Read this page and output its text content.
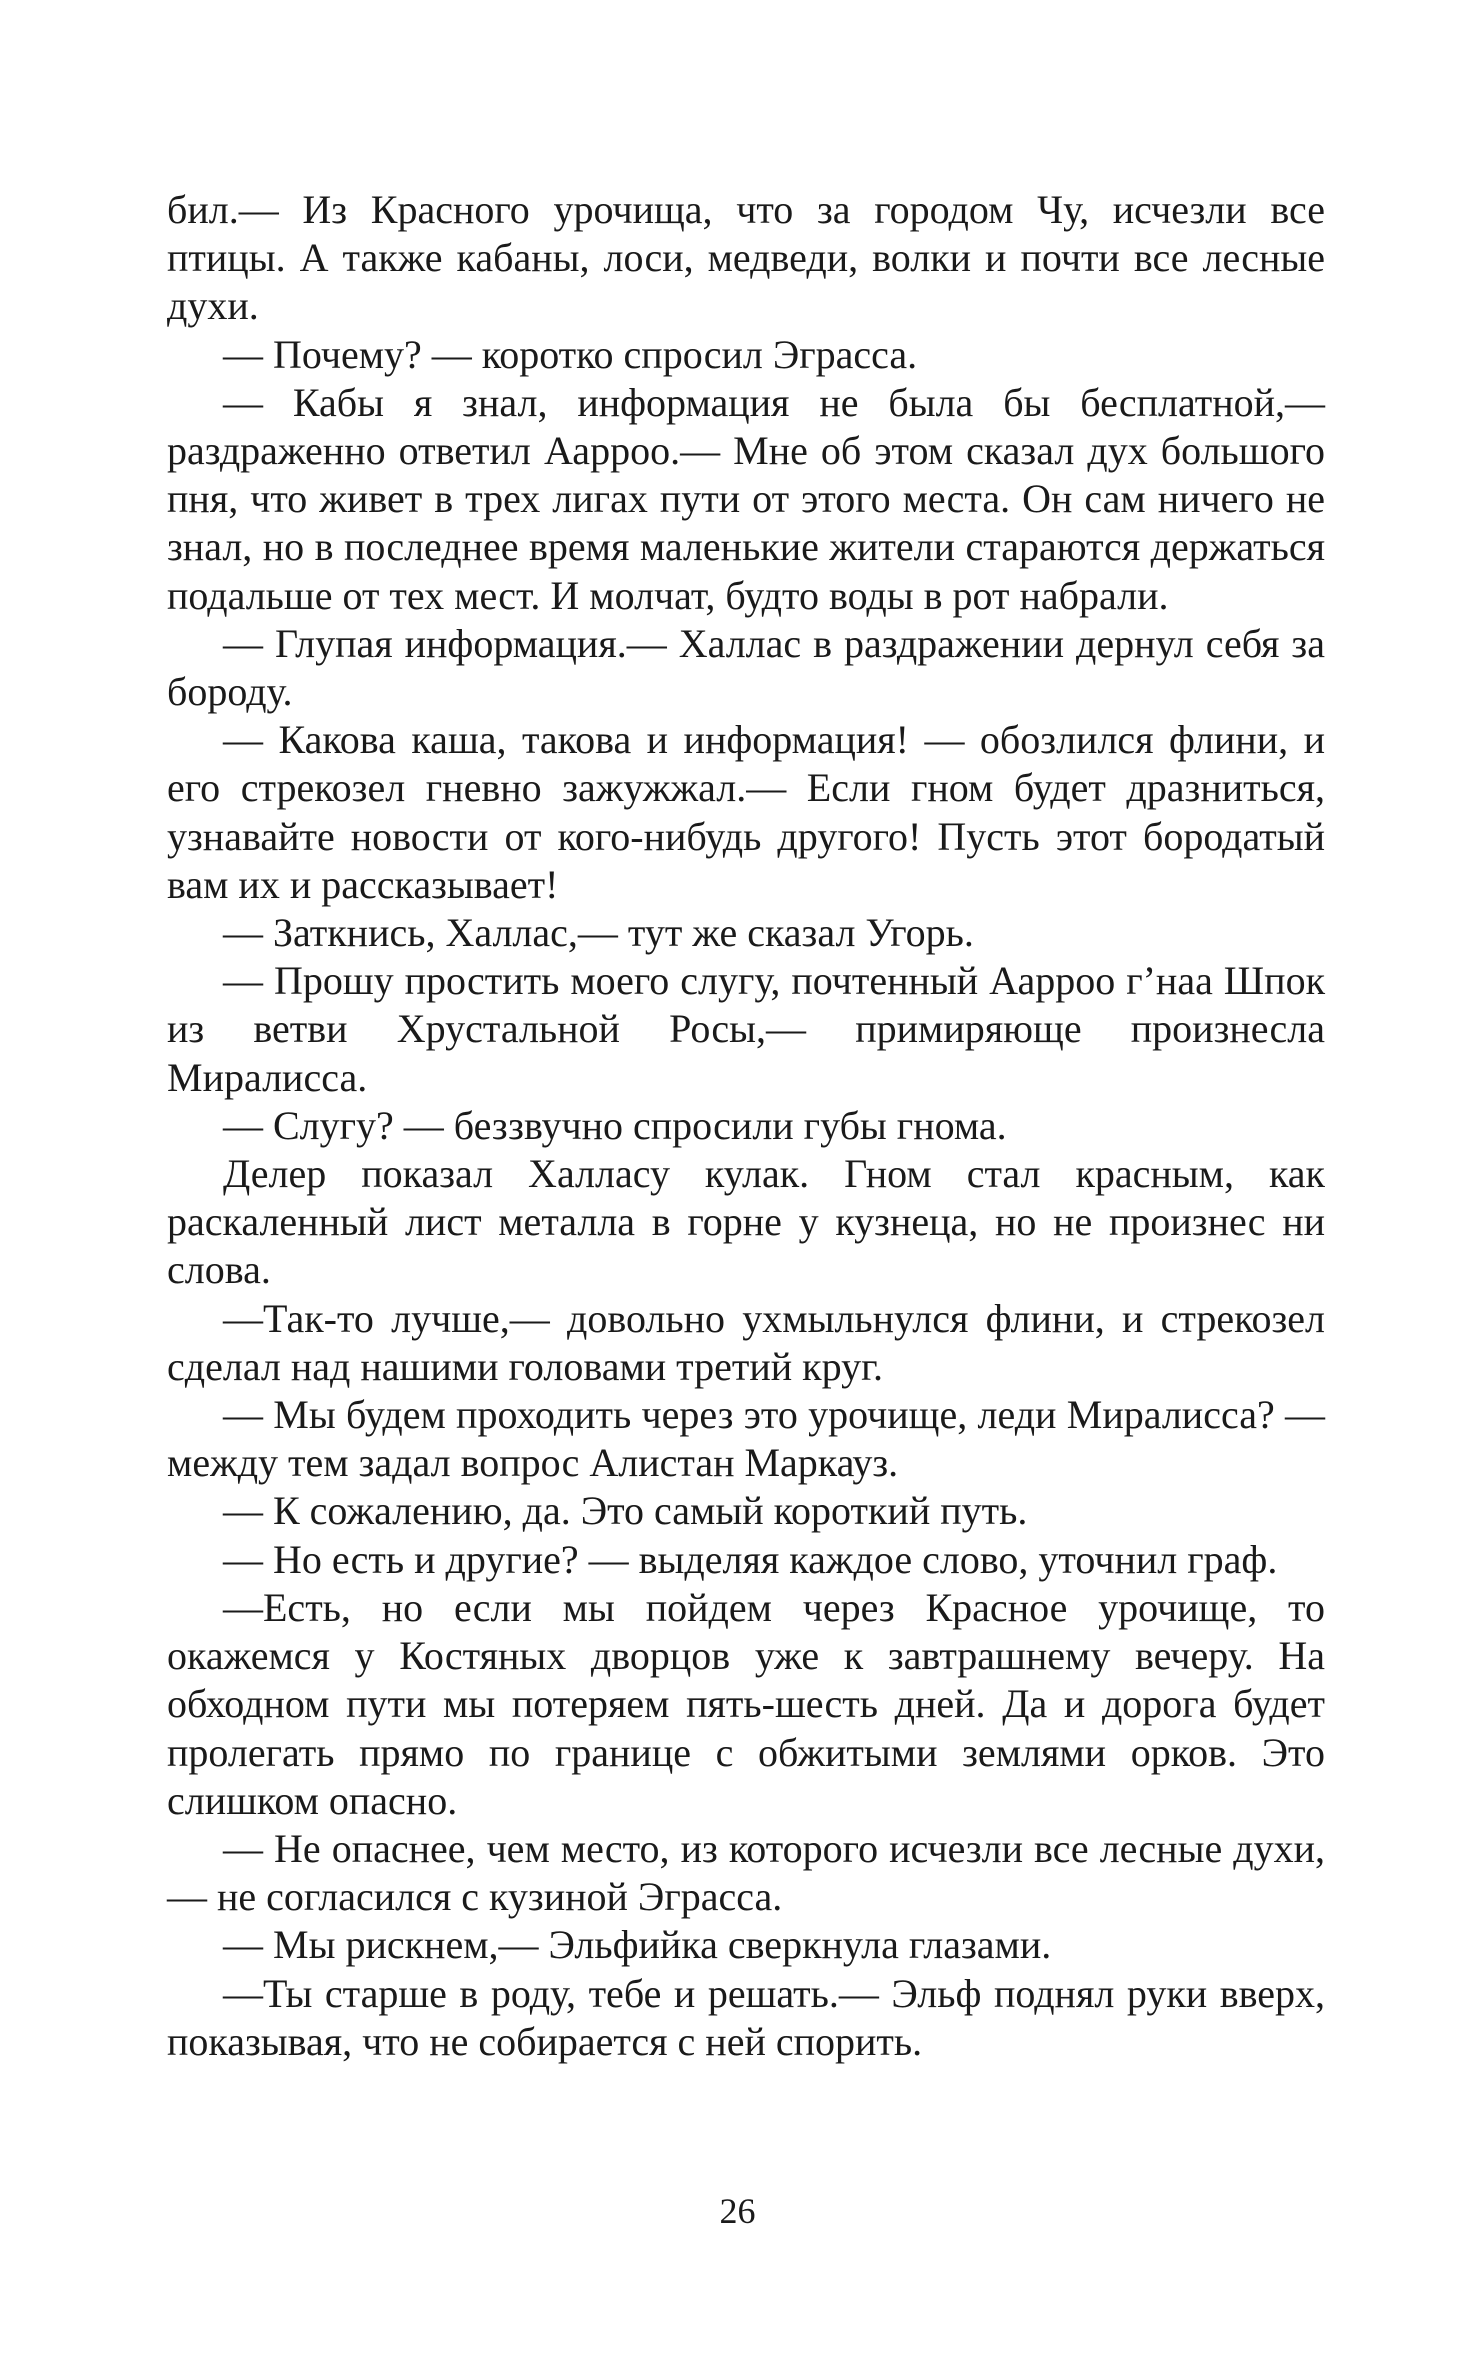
бил.— Из Красного урочища, что за городом Чу, исчезли все птицы. А также кабаны, лоси, медведи, волки и почти все лесные духи.

— Почему? — коротко спросил Эграсса.

— Кабы я знал, информация не была бы бесплатной,— раздраженно ответил Аарроо.— Мне об этом сказал дух большого пня, что живет в трех лигах пути от этого места. Он сам ничего не знал, но в последнее время маленькие жители стараются держаться подальше от тех мест. И молчат, будто воды в рот набрали.

— Глупая информация.— Халлас в раздражении дернул себя за бороду.

— Какова каша, такова и информация! — обозлился флини, и его стрекозел гневно зажужжал.— Если гном будет дразниться, узнавайте новости от кого-нибудь другого! Пусть этот бородатый вам их и рассказывает!

— Заткнись, Халлас,— тут же сказал Угорь.

— Прошу простить моего слугу, почтенный Ааррoo г’наа Шпок из ветви Хрустальной Росы,— примиряюще произнесла Миралисса.

— Слугу? — беззвучно спросили губы гнома.

Делер показал Халласу кулак. Гном стал красным, как раскаленный лист металла в горне у кузнеца, но не произнес ни слова.

—Так-то лучше,— довольно ухмыльнулся флини, и стрекозел сделал над нашими головами третий круг.

— Мы будем проходить через это урочище, леди Миралисса? — между тем задал вопрос Алистан Маркауз.

— К сожалению, да. Это самый короткий путь.

— Но есть и другие? — выделяя каждое слово, уточнил граф.

—Есть, но если мы пойдем через Красное урочище, то окажемся у Костяных дворцов уже к завтрашнему вечеру. На обходном пути мы потеряем пять-шесть дней. Да и дорога будет пролегать прямо по границе с обжитыми землями орков. Это слишком опасно.

— Не опаснее, чем место, из которого исчезли все лесные духи,— не согласился с кузиной Эграсса.

— Мы рискнем,— Эльфийка сверкнула глазами.

—Ты старше в роду, тебе и решать.— Эльф поднял руки вверх, показывая, что не собирается с ней спорить.

26
